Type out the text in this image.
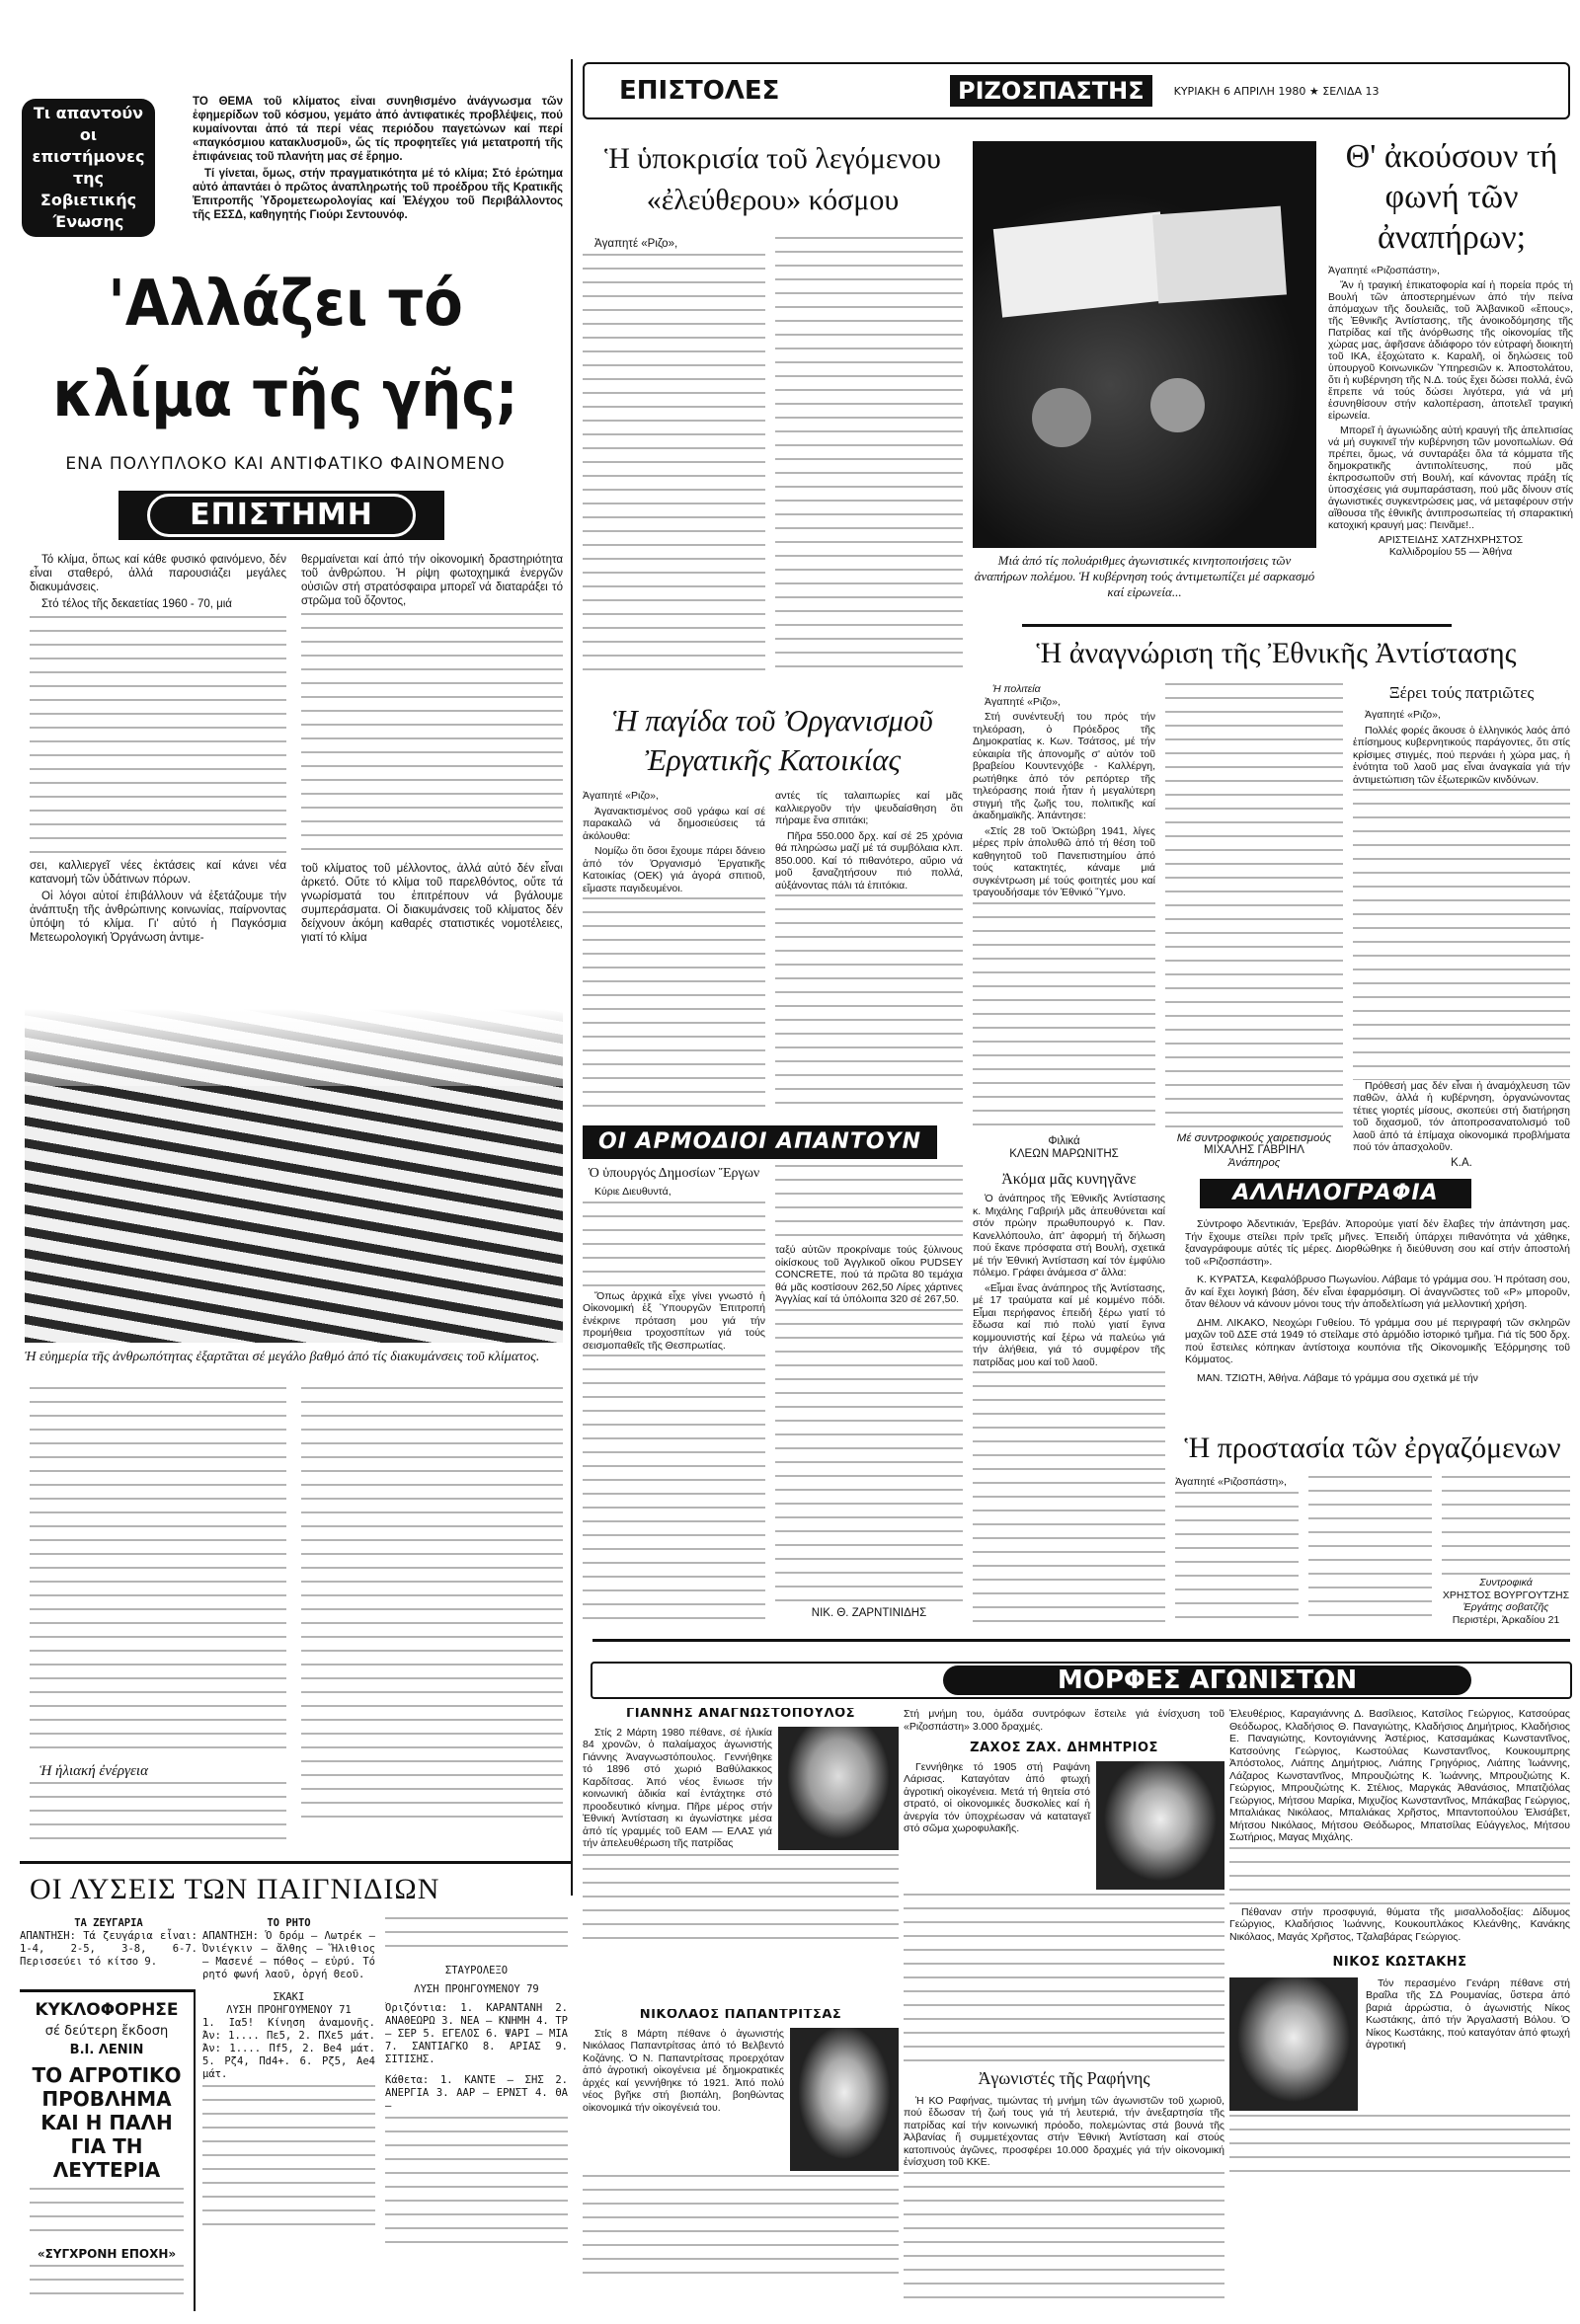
Τι απαντούν οι επιστήμονες της Σοβιετικής Ένωσης

ΤΟ ΘΕΜΑ τοῦ κλίματος εἶναι συνηθισμένο ἀνάγνωσμα τῶν ἐφημερίδων τοῦ κόσμου, γεμάτο ἀπό ἀντιφατικές προβλέψεις, πού κυμαίνονται ἀπό τά περί νέας περιόδου παγετώνων καί περί «παγκόσμιου κατακλυσμοῦ», ὥς τίς προφητεῖες γιά μετατροπή τῆς ἐπιφάνειας τοῦ πλανήτη μας σέ ἔρημο.

Τί γίνεται, ὅμως, στήν πραγματικότητα μέ τό κλίμα; Στό ἐρώτημα αὐτό ἀπαντάει ὁ πρῶτος ἀναπληρωτής τοῦ προέδρου τῆς Κρατικῆς Ἐπιτροπῆς Ὑδρομετεωρολογίας καί Ἐλέγχου τοῦ Περιβάλλοντος τῆς ΕΣΣΔ, καθηγητής Γιούρι Σεντουνόφ.

'Αλλάζει τό
κλίμα τῆς γῆς;
ΕΝΑ ΠΟΛΥΠΛΟΚΟ ΚΑΙ ΑΝΤΙΦΑΤΙΚΟ ΦΑΙΝΟΜΕΝΟ
ΕΠΙΣΤΗΜΗ

Τό κλίμα, ὅπως καί κάθε φυσικό φαινόμενο, δέν εἶναι σταθερό, ἀλλά παρουσιάζει μεγάλες διακυμάνσεις.

Στό τέλος τῆς δεκαετίας 1960 - 70, μιά

σει, καλλιεργεῖ νέες ἐκτάσεις καί κάνει νέα κατανομή τῶν ὑδάτινων πόρων.

Οἱ λόγοι αὐτοί ἐπιβάλλουν νά ἐξετάζουμε τήν ἀνάπτυξη τῆς ἀνθρώπινης κοινωνίας, παίρνοντας ὑπόψη τό κλίμα. Γι' αὐτό ἡ Παγκόσμια Μετεωρολογική Ὀργάνωση ἀντιμε-

θερμαίνεται καί ἀπό τήν οἰκονομική δραστηριότητα τοῦ ἀνθρώπου. Ἡ ρίψη φωτοχημικά ἐνεργῶν οὐσιῶν στή στρατόσφαιρα μπορεῖ νά διαταράξει τό στρῶμα τοῦ ὄζοντος,

τοῦ κλίματος τοῦ μέλλοντος, ἀλλά αὐτό δέν εἶναι ἀρκετό. Οὔτε τό κλίμα τοῦ παρελθόντος, οὔτε τά γνωρίσματά του ἐπιτρέπουν νά βγάλουμε συμπεράσματα. Οἱ διακυμάνσεις τοῦ κλίματος δέν δείχνουν ἀκόμη καθαρές στατιστικές νομοτέλειες, γιατί τό κλίμα

Ἡ εὐημερία τῆς ἀνθρωπότητας ἐξαρτᾶται σέ μεγάλο βαθμό ἀπό τίς διακυμάνσεις τοῦ κλίματος.
Ἡ ἡλιακή ἐνέργεια
ΟΙ ΛΥΣΕΙΣ ΤΩΝ ΠΑΙΓΝΙΔΙΩΝ
ΤΑ ΖΕΥΓΑΡΙΑ
ΑΠΑΝΤΗΣΗ: Τά ζευγάρια εἶναι: 1-4, 2-5, 3-8, 6-7. Περισσεύει τό κίτσο 9.
ΚΥΚΛΟΦΟΡΗΣΕ
σέ δεύτερη ἔκδοση
Β.Ι. ΛΕΝΙΝ
ΤΟ ΑΓΡΟΤΙΚΟ ΠΡΟΒΛΗΜΑ ΚΑΙ Η ΠΑΛΗ ΓΙΑ ΤΗ ΛΕΥΤΕΡΙΑ
«ΣΥΓΧΡΟΝΗ ΕΠΟΧΗ»
ΤΟ ΡΗΤΟ
ΑΠΑΝΤΗΣΗ: Ὁ δρόμ — Λωτρέκ — Ὀνιέγκιν — ἄλθης — Ἥλιθιος — Μασενέ — πόθος — εὐρύ. Τό ρητό φωνή λαοῦ, ὀργή Θεοῦ.
ΣΚΑΚΙ
ΛΥΣΗ ΠΡΟΗΓΟΥΜΕΝΟΥ 71
1. Ια5! Κίνηση ἀναμονῆς. Ἄν: 1.... Πε5, 2. ΠΧε5 μάτ. Ἄν: 1.... Πf5, 2. Βe4 μάτ. 5. Ρζ4, Πd4+. 6. Ρζ5, Αe4 μάτ.
ΣΤΑΥΡΟΛΕΞΟ
ΛΥΣΗ ΠΡΟΗΓΟΥΜΕΝΟΥ 79
Ὁριζόντια: 1. ΚΑΡΑΝΤΑΝΗ 2. ΑΝΑΘΕΩΡΩ 3. ΝΕΑ — ΚΝΗΜΗ 4. ΤΡ — ΣΕΡ 5. ΕΓΕΛΟΣ 6. ΨΑΡΙ — ΜΙΑ 7. ΣΑΝΤΙΑΓΚΟ 8. ΑΡΙΑΣ 9. ΣΙΤΙΣΗΣ.
Κάθετα: 1. ΚΑΝΤΕ — ΣΗΣ 2. ΑΝΕΡΓΙΑ 3. ΑΑΡ — ΕΡΝΣΤ 4. ΘΑ —
ΕΠΙΣΤΟΛΕΣ	ΡΙΖΟΣΠΑΣΤΗΣ	ΚΥΡΙΑΚΗ 6 ΑΠΡΙΛΗ 1980 ★ ΣΕΛΙΔΑ 13
Ἡ ὑποκρισία τοῦ λεγόμενου «ἐλεύθερου» κόσμου

Ἀγαπητέ «Ριζο»,

Μιά ἀπό τίς πολυάριθμες ἀγωνιστικές κινητοποιήσεις τῶν ἀναπήρων πολέμου. Ἡ κυβέρνηση τούς ἀντιμετωπίζει μέ σαρκασμό καί εἰρωνεία...
Θ' ἀκούσουν τή φωνή τῶν ἀναπήρων;

Ἀγαπητέ «Ριζοσπάστη»,

Ἄν ἡ τραγική ἐπικατοφορία καί ἡ πορεία πρός τή Βουλή τῶν ἀποστερημένων ἀπό τήν πείνα ἀπόμαχων τῆς δουλειᾶς, τοῦ Ἀλβανικοῦ «ἔπους», τῆς Ἐθνικῆς Ἀντίστασης, τῆς ἀνοικοδόμησης τῆς Πατρίδας καί τῆς ἀνόρθωσης τῆς οἰκονομίας τῆς χώρας μας, ἀφῆσανε ἀδιάφορο τόν εὐτραφή διοικητή τοῦ ΙΚΑ, ἐξοχώτατο κ. Καραλῆ, οἱ δηλώσεις τοῦ ὑπουργοῦ Κοινωνικῶν Ὑπηρεσιῶν κ. Ἀποστολάτου, ὅτι ἡ κυβέρνηση τῆς Ν.Δ. τούς ἔχει δώσει πολλά, ἐνῶ ἔπρεπε νά τούς δώσει λιγότερα, γιά νά μή ἐσυνηθίσουν στήν καλοπέραση, ἀποτελεῖ τραγική εἰρωνεία.

Μπορεῖ ἡ ἀγωνιώδης αὐτή κραυγή τῆς ἀπελπισίας νά μή συγκινεῖ τήν κυβέρνηση τῶν μονοπωλίων. Θά πρέπει, ὅμως, νά συνταράξει ὅλα τά κόμματα τῆς δημοκρατικῆς ἀντιπολίτευσης, πού μᾶς ἐκπροσωποῦν στή Βουλή, καί κάνοντας πράξη τίς ὑποσχέσεις γιά συμπαράσταση, πού μᾶς δίνουν στίς ἀγωνιστικές συγκεντρώσεις μας, νά μεταφέρουν στήν αἴθουσα τῆς ἐθνικῆς ἀντιπροσωπείας τή σπαρακτική κατοχική κραυγή μας: Πεινᾶμε!..

ΑΡΙΣΤΕΙΔΗΣ ΧΑΤΖΗΧΡΗΣΤΟΣ
Καλλιδρομίου 55 — Ἀθήνα
Ἡ ἀναγνώριση τῆς Ἐθνικῆς Ἀντίστασης
Ἡ πολιτεία

Ἀγαπητέ «Ριζο»,

Στή συνέντευξή του πρός τήν τηλεόραση, ὁ Πρόεδρος τῆς Δημοκρατίας κ. Κων. Τσάτσος, μέ τήν εὐκαιρία τῆς ἀπονομῆς σ' αὐτόν τοῦ βραβείου Κουντενχόβε - Καλλέργη, ρωτήθηκε ἀπό τόν ρεπόρτερ τῆς τηλεόρασης ποιά ἦταν ἡ μεγαλύτερη στιγμή τῆς ζωῆς του, πολιτικῆς καί ἀκαδημαϊκῆς. Ἀπάντησε:

«Στίς 28 τοῦ Ὀκτώβρη 1941, λίγες μέρες πρίν ἀπολυθῶ ἀπό τή θέση τοῦ καθηγητοῦ τοῦ Πανεπιστημίου ἀπό τούς κατακτητές, κάναμε μιά συγκέντρωση μέ τούς φοιτητές μου καί τραγουδήσαμε τόν Ἐθνικό Ὕμνο.

Φιλικά
ΚΛΕΩΝ ΜΑΡΩΝΙΤΗΣ
Μέ συντροφικούς χαιρετισμούς
ΜΙΧΑΛΗΣ ΓΑΒΡΙΗΛ
Ἀνάπηρος
Ξέρει τούς πατριῶτες

Ἀγαπητέ «Ριζο»,

Πολλές φορές ἄκουσε ὁ ἑλληνικός λαός ἀπό ἐπίσημους κυβερνητικούς παράγοντες, ὅτι στίς κρίσιμες στιγμές, πού περνάει ἡ χώρα μας, ἡ ἑνότητα τοῦ λαοῦ μας εἶναι ἀναγκαία γιά τήν ἀντιμετώπιση τῶν ἐξωτερικῶν κινδύνων.

Πρόθεσή μας δέν εἶναι ἡ ἀναμόχλευση τῶν παθῶν, ἀλλά ἡ κυβέρνηση, ὀργανώνοντας τέτιες γιορτές μίσους, σκοπεύει στή διατήρηση τοῦ διχασμοῦ, τόν ἀποπροσανατολισμό τοῦ λαοῦ ἀπό τά ἐπίμαχα οἰκονομικά προβλήματα πού τόν ἀπασχολοῦν.

Κ.Α.
Ἡ παγίδα τοῦ Ὀργανισμοῦ Ἐργατικῆς Κατοικίας

Ἀγαπητέ «Ριζο»,

Ἀγανακτισμένος σοῦ γράφω καί σέ παρακαλῶ νά δημοσιεύσεις τά ἀκόλουθα:

Νομίζω ὅτι ὅσοι ἔχουμε πάρει δάνειο ἀπό τόν Ὀργανισμό Ἐργατικῆς Κατοικίας (ΟΕΚ) γιά ἀγορά σπιτιοῦ, εἴμαστε παγιδευμένοι.

αντές τίς ταλαιπωρίες καί μᾶς καλλιεργοῦν τήν ψευδαίσθηση ὅτι πήραμε ἕνα σπιτάκι;

Πῆρα 550.000 δρχ. καί σέ 25 χρόνια θά πληρώσω μαζί μέ τά συμβόλαια κλπ. 850.000. Καί τό πιθανότερο, αὔριο νά μοῦ ξαναζητήσουν πιό πολλά, αὐξάνοντας πάλι τά ἐπιτόκια.

ΟΙ ΑΡΜΟΔΙΟΙ ΑΠΑΝΤΟΥΝ
Ὁ ὑπουργός Δημοσίων Ἔργων

Κύριε Διευθυντά,

Ὅπως ἀρχικά εἶχε γίνει γνωστό ἡ Οἰκονομική ἐξ Ὑπουργῶν Ἐπιτροπή ἐνέκρινε πρόταση μου γιά τήν προμήθεια τροχοσπίτων γιά τούς σεισμοπαθεῖς τῆς Θεσπρωτίας.

ταξύ αὐτῶν προκρίναμε τούς ξύλινους οἰκίσκους τοῦ Ἀγγλικοῦ οἴκου PUDSEY CONCRETE, πού τά πρῶτα 80 τεμάχια θά μᾶς κοστίσουν 262,50 Λίρες χάρτινες Ἀγγλίας καί τά ὑπόλοιπα 320 σέ 267,50.

ΝΙΚ. Θ. ΖΑΡΝΤΙΝΙΔΗΣ
Ἀκόμα μᾶς κυνηγᾶνε

Ὁ ἀνάπηρος τῆς Ἐθνικῆς Ἀντίστασης κ. Μιχάλης Γαβριήλ μᾶς ἀπευθύνεται καί στόν πρώην πρωθυπουργό κ. Παν. Κανελλόπουλο, ἀπ' ἀφορμή τή δήλωση πού ἔκανε πρόσφατα στή Βουλή, σχετικά μέ τήν Ἐθνική Ἀντίσταση καί τόν ἐμφύλιο πόλεμο. Γράφει ἀνάμεσα σ' ἄλλα:

«Εἶμαι ἕνας ἀνάπηρος τῆς Ἀντίστασης, μέ 17 τραύματα καί μέ κομμένο πόδι. Εἶμαι περήφανος ἐπειδή ξέρω γιατί τό ἔδωσα καί πιό πολύ γιατί ἔγινα κομμουνιστής καί ξέρω νά παλεύω γιά τήν ἀλήθεια, γιά τό συμφέρον τῆς πατρίδας μου καί τοῦ λαοῦ.

ΑΛΛΗΛΟΓΡΑΦΙΑ

Σύντροφο Ἀδεντικιάν, Ἐρεβάν. Ἀπορούμε γιατί δέν ἔλαβες τήν ἀπάντηση μας. Τήν ἔχουμε στείλει πρίν τρεῖς μῆνες. Ἐπειδή ὑπάρχει πιθανότητα νά χάθηκε, ξαναγράφουμε αὐτές τίς μέρες. Διορθώθηκε ἡ διεύθυνση σου καί στήν ἀποστολή τοῦ «Ριζοσπάστη».

Κ. ΚΥΡΑΤΣΑ, Κεφαλόβρυσο Πωγωνίου. Λάβαμε τό γράμμα σου. Ἡ πρόταση σου, ἄν καί ἔχει λογική βάση, δέν εἶναι ἐφαρμόσιμη. Οἱ ἀναγνῶστες τοῦ «Ρ» μποροῦν, ὅταν θέλουν νά κάνουν μόνοι τους τήν ἀποδελτίωση γιά μελλοντική χρήση.

ΔΗΜ. ΛΙΚΑΚΟ, Νεοχώρι Γυθείου. Τό γράμμα σου μέ περιγραφή τῶν σκληρῶν μαχῶν τοῦ ΔΣΕ στά 1949 τό στείλαμε στό ἁρμόδιο ἱστορικό τμῆμα. Γιά τίς 500 δρχ. πού ἔστειλες κόπηκαν ἀντίστοιχα κουπόνια τῆς Οἰκονομικῆς Ἐξόρμησης τοῦ Κόμματος.

ΜΑΝ. ΤΖΙΩΤΗ, Ἀθήνα. Λάβαμε τό γράμμα σου σχετικά μέ τήν

Ἡ προστασία τῶν ἐργαζόμενων

Ἀγαπητέ «Ριζοσπάστη»,

Συντροφικά
ΧΡΗΣΤΟΣ ΒΟΥΡΓΟΥΤΖΗΣ
Ἐργάτης σοβατζῆς
Περιστέρι, Ἀρκαδίου 21
ΜΟΡΦΕΣ ΑΓΩΝΙΣΤΩΝ
ΓΙΑΝΝΗΣ ΑΝΑΓΝΩΣΤΟΠΟΥΛΟΣ

Στίς 2 Μάρτη 1980 πέθανε, σέ ἡλικία 84 χρονῶν, ὁ παλαίμαχος ἀγωνιστής Γιάννης Ἀναγνωστόπουλος. Γεννήθηκε τό 1896 στό χωριό Βαθύλακκος Καρδίτσας. Ἀπό νέος ἔνιωσε τήν κοινωνική ἀδικία καί ἐντάχτηκε στό προοδευτικό κίνημα. Πῆρε μέρος στήν Ἐθνική Ἀντίσταση κι ἀγωνίστηκε μέσα ἀπό τίς γραμμές τοῦ ΕΑΜ — ΕΛΑΣ γιά τήν ἀπελευθέρωση τῆς πατρίδας

ΝΙΚΟΛΑΟΣ ΠΑΠΑΝΤΡΙΤΣΑΣ

Στίς 8 Μάρτη πέθανε ὁ ἀγωνιστής Νικόλαος Παπαντρίτσας ἀπό τό Βελβεντό Κοζάνης. Ὁ Ν. Παπαντρίτσας προερχόταν ἀπό ἀγροτική οἰκογένεια μέ δημοκρατικές ἀρχές καί γεννήθηκε τό 1921. Ἀπό πολύ νέος βγῆκε στή βιοπάλη, βοηθώντας οἰκονομικά τήν οἰκογένειά του.

Στή μνήμη του, ὁμάδα συντρόφων ἔστειλε γιά ἐνίσχυση τοῦ «Ριζοσπάστη» 3.000 δραχμές.

ΖΑΧΟΣ ΖΑΧ. ΔΗΜΗΤΡΙΟΣ

Γεννήθηκε τό 1905 στή Ραψάνη Λάρισας. Καταγόταν ἀπό φτωχή ἀγροτική οἰκογένεια. Μετά τή θητεία στό στρατό, οἱ οἰκονομικές δυσκολίες καί ἡ ἀνεργία τόν ὑποχρέωσαν νά καταταγεῖ στό σῶμα χωροφυλακῆς.

Ἀγωνιστές τῆς Ραφήνης

Ἡ ΚΟ Ραφήνας, τιμώντας τή μνήμη τῶν ἀγωνιστῶν τοῦ χωριοῦ, πού ἔδωσαν τή ζωή τους γιά τή λευτεριά, τήν ἀνεξαρτησία τῆς πατρίδας καί τήν κοινωνική πρόοδο, πολεμώντας στά βουνά τῆς Ἀλβανίας ἤ συμμετέχοντας στήν Ἐθνική Ἀντίσταση καί στούς κατοπινούς ἀγῶνες, προσφέρει 10.000 δραχμές γιά τήν οἰκονομική ἐνίσχυση τοῦ ΚΚΕ.

Ἐλευθέριος, Καραγιάννης Δ. Βασίλειος, Κατσίλος Γεώργιος, Κατσούρας Θεόδωρος, Κλαδήσιος Θ. Παναγιώτης, Κλαδήσιος Δημήτριος, Κλαδήσιος Ε. Παναγιώτης, Κοντογιάννης Ἀστέριος, Κατσαμάκας Κωνσταντῖνος, Κατσούνης Γεώργιος, Κωστούλας Κωνσταντῖνος, Κουκουμπρης Ἀπόστολος, Λιάπης Δημήτριος, Λιάπης Γρηγόριος, Λιάπης Ἰωάννης, Λάζαρος Κωνσταντῖνος, Μπρουζιώτης Κ. Ἰωάννης, Μπρουζιώτης Κ. Γεώργιος, Μπρουζιώτης Κ. Στέλιος, Μαργκάς Ἀθανάσιος, Μπατζιόλας Γεώργιος, Μήτσου Μαρίκα, Μιχυζίος Κωνσταντῖνος, Μπάκαβας Γεώργιος, Μπαλιάκας Νικόλαος, Μπαλιάκας Χρῆστος, Μπαντοπούλου Ἐλισάβετ, Μήτσου Νικόλαος, Μήτσου Θεόδωρος, Μπατσίλας Εὐάγγελος, Μήτσου Σωτήριος, Μαγας Μιχάλης.

Πέθαναν στήν προσφυγιά, θύματα τῆς μισαλλοδοξίας: Δίδυμος Γεώργιος, Κλαδήσιος Ἰωάννης, Κουκουπλάκος Κλεάνθης, Κανάκης Νικόλαος, Μαγάς Χρῆστος, Τζαλαβάρας Γεώργιος.

ΝΙΚΟΣ ΚΩΣΤΑΚΗΣ

Τόν περασμένο Γενάρη πέθανε στή Βραΐλα τῆς ΣΔ Ρουμανίας, ὕστερα ἀπό βαριά ἀρρώστια, ὁ ἀγωνιστής Νίκος Κωστάκης, ἀπό τήν Ἀργαλαστή Βόλου. Ὁ Νίκος Κωστάκης, πού καταγόταν ἀπό φτωχή ἀγροτική
